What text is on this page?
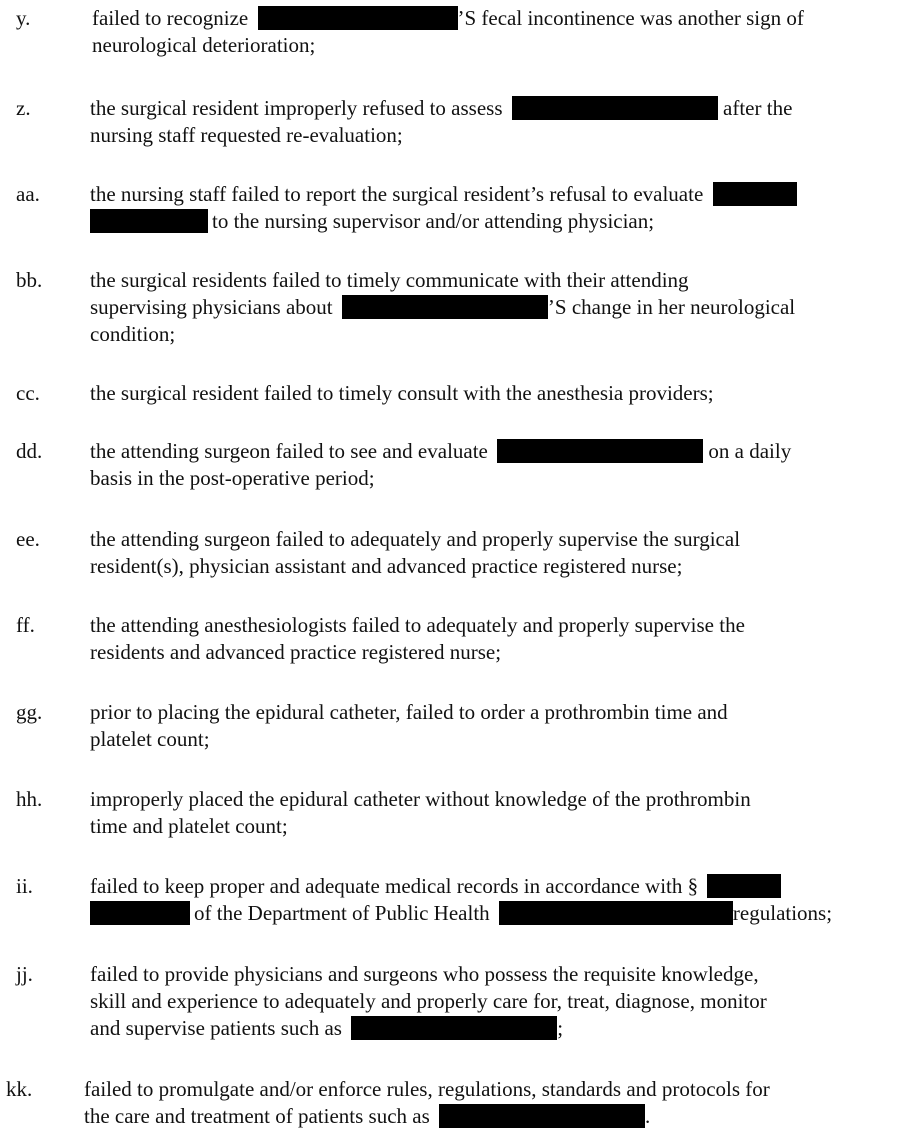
y.	failed to recognize	’S fecal incontinence was another sign of
neurological deterioration;
z.	the surgical resident improperly refused to assess	after the
nursing staff requested re-evaluation;
aa. the nursing staff failed to report the surgical resident’s refusal to evaluate
to the nursing supervisor and/or attending physician;
bb. the surgical residents failed to timely communicate with their attending
supervising physicians about	’S change in her neurological
condition;
cc. the surgical resident failed to timely consult with the anesthesia providers;
dd. the attending surgeon failed to see and evaluate	on a daily
basis in the post-operative period;
ee. the attending surgeon failed to adequately and properly supervise the surgical
resident(s), physician assistant and advanced practice registered nurse;
ff.	the attending anesthesiologists failed to adequately and properly supervise the
residents and advanced practice registered nurse;
gg. prior to placing the epidural catheter, failed to order a prothrombin time and
platelet count;
hh. improperly placed the epidural catheter without knowledge of the prothrombin
time and platelet count;
ii.	failed to keep proper and adequate medical records in accordance with §
of the Department of Public Health	regulations;
jj.	failed to provide physicians and surgeons who possess the requisite knowledge,
skill and experience to adequately and properly care for, treat, diagnose, monitor
and supervise patients such as	;
kk. failed to promulgate and/or enforce rules, regulations, standards and protocols for
the care and treatment of patients such as	.
